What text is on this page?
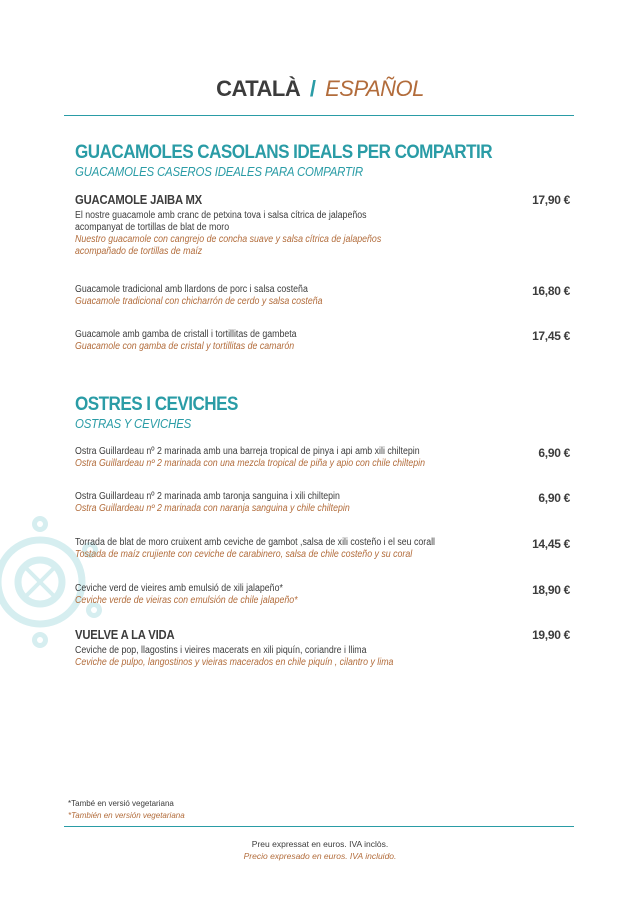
CATALÀ / ESPAÑOL
GUACAMOLES CASOLANS IDEALS PER COMPARTIR
GUACAMOLES CASEROS IDEALES PARA COMPARTIR
GUACAMOLE JAIBA MX
El nostre guacamole amb cranc de petxina tova i salsa cítrica de jalapeños
acompanyat de tortillas de blat de moro
Nuestro guacamole con cangrejo de concha suave y salsa cítrica de jalapeños
acompañado de tortillas de maíz
17,90 €
Guacamole tradicional amb llardons de porc i salsa costeña
Guacamole tradicional con chicharrón de cerdo y salsa costeña
16,80 €
Guacamole amb gamba de cristall i tortillitas de gambeta
Guacamole con gamba de cristal y tortillitas de camarón
17,45 €
OSTRES I CEVICHES
OSTRAS Y CEVICHES
Ostra Guillardeau nº 2 marinada amb una barreja tropical de pinya i api amb xili chiltepin
Ostra Guillardeau nº 2 marinada con una mezcla tropical de piña y apio con chile chiltepin
6,90 €
Ostra Guillardeau nº 2 marinada amb taronja sanguina i xili chiltepin
Ostra Guillardeau nº 2 marinada con naranja sanguina y chile chiltepin
6,90 €
Torrada de blat de moro cruixent amb ceviche de gambot ,salsa de xili costeño i el seu corall
Tostada de maíz crujiente con ceviche de carabinero, salsa de chile costeño y su coral
14,45 €
Ceviche verd de vieires amb emulsió de xili jalapeño*
Ceviche verde de vieiras con emulsión de chile jalapeño*
18,90 €
VUELVE A LA VIDA
Ceviche de pop, llagostins i vieires macerats en xili piquín, coriandre i llima
Ceviche de pulpo, langostinos y vieiras macerados en chile piquín , cilantro y lima
19,90 €
*També en versió vegetariana
*También en versión vegetariana
Preu expressat en euros. IVA inclòs.
Precio expresado en euros. IVA incluido.
